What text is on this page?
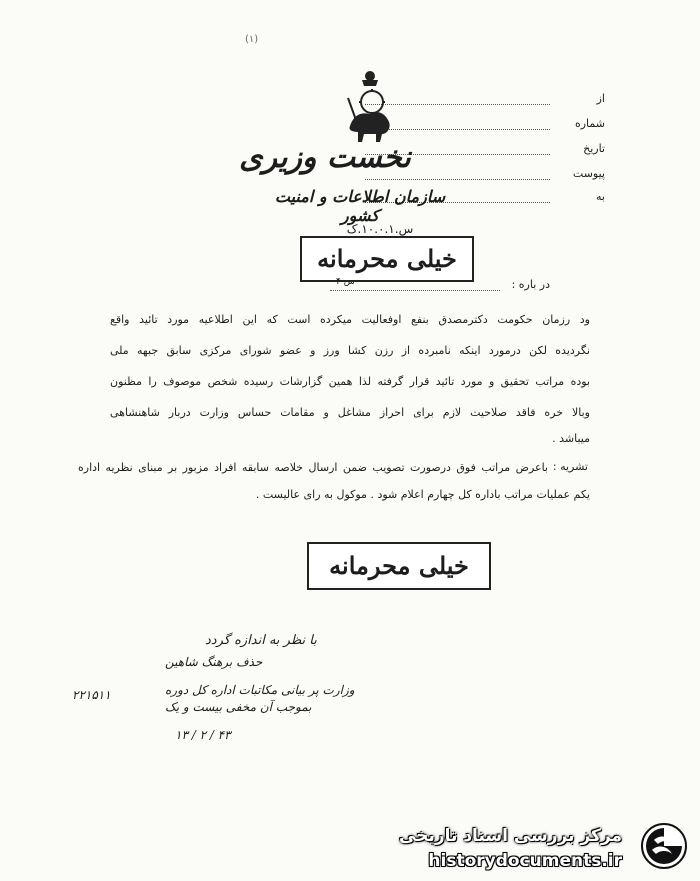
(۱)
از
شماره
تاریخ
پیوست
به
نخست وزیری
سازمان اطلاعات و امنیت کشور
س.۱۰.۰.۱.ک
خیلی محرمانه
س ۴	در باره :
ود رزمان حکومت دکترمصدق بنفع اوفعالیت میکرده است که این اطلاعیه مورد تائید واقع
نگردیده لکن درمورد اینکه نامبرده از رزن کشا ورز و عضو شورای مرکزی سابق جبهه ملی
بوده مراتب تحقیق و مورد تائید قرار گرفته لذا همین گزارشات رسیده شخص موصوف را مظنون
وبالا خره فاقد صلاحیت لازم برای احراز مشاغل و مقامات حساس وزارت دربار شاهنشاهی
میباشد .
تشریه :
باعرض مراتب فوق درصورت تصویب ضمن ارسال خلاصه سابقه افراد مزبور بر مبنای نظریه اداره
یکم عملیات مراتب باداره کل چهارم اعلام شود . موکول به رای عالیست .
خیلی محرمانه
با نظر به اندازه گردد
حذف برهنگ شاهین
وزارت پر بیانی مکاتبات اداره کل دوره
بموجب آن مخفی بیست و یک
۱۳ / ۲ / ۴۳
۲۲۱۵۱۱
مرکز بررسی اسناد تاریخی
historydocuments.ir
